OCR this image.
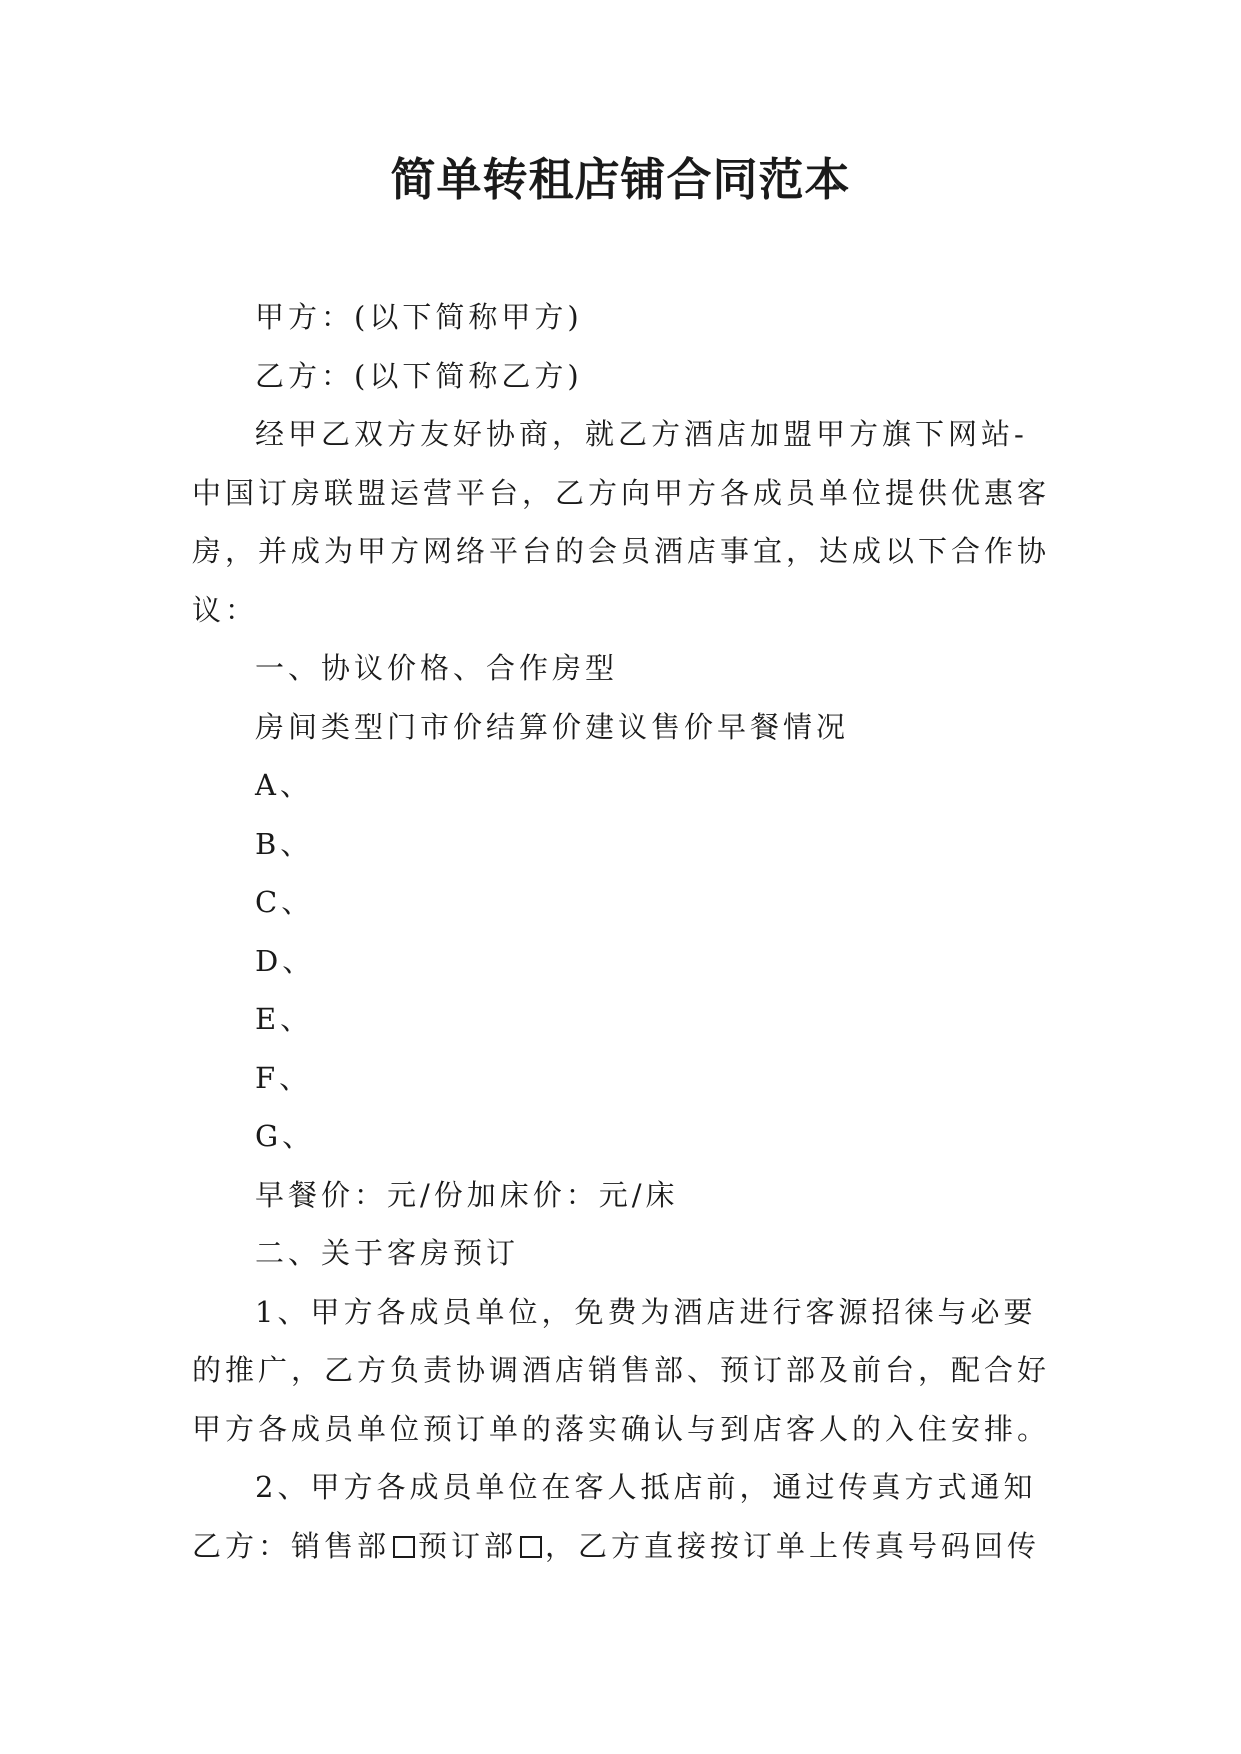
简单转租店铺合同范本

甲方：(以下简称甲方)

乙方：(以下简称乙方)

经甲乙双方友好协商，就乙方酒店加盟甲方旗下网站-中国订房联盟运营平台，乙方向甲方各成员单位提供优惠客房，并成为甲方网络平台的会员酒店事宜，达成以下合作协议：

一、协议价格、合作房型

房间类型门市价结算价建议售价早餐情况

A、

B、

C、

D、

E、

F、

G、

早餐价：元/份加床价：元/床

二、关于客房预订

1、甲方各成员单位，免费为酒店进行客源招徕与必要的推广，乙方负责协调酒店销售部、预订部及前台，配合好甲方各成员单位预订单的落实确认与到店客人的入住安排。

2、甲方各成员单位在客人抵店前，通过传真方式通知乙方：销售部 预订部 ，乙方直接按订单上传真号码回传
